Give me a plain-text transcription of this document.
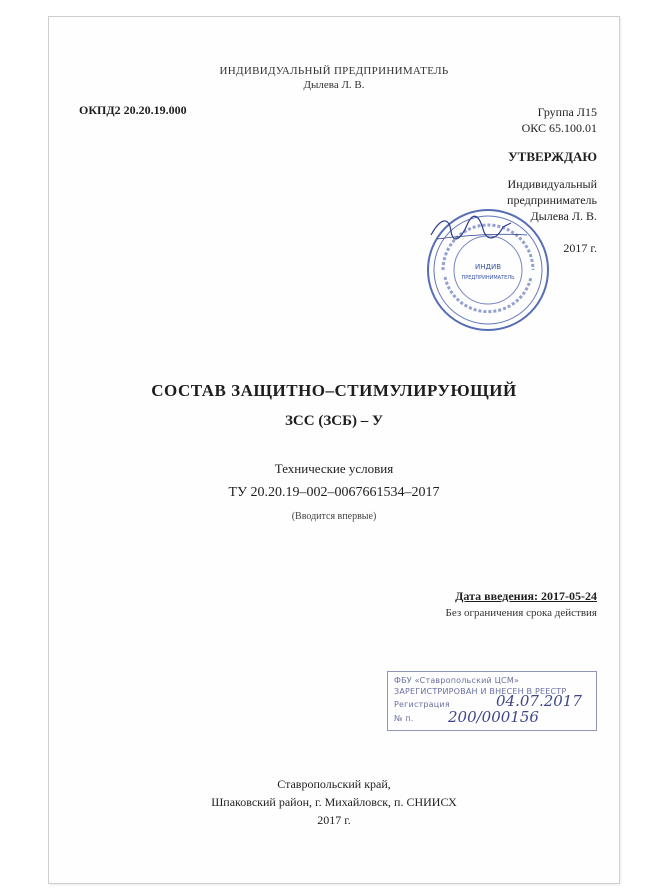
ИНДИВИДУАЛЬНЫЙ ПРЕДПРИНИМАТЕЛЬ
Дылева Л. В.
ОКПД2 20.20.19.000	Группа Л15
ОКС 65.100.01
УТВЕРЖДАЮ
Индивидуальный
предприниматель
Дылева Л. В.
2017 г.
ИНДИВ
ПРЕДПРИНИМАТЕЛЬ
СОСТАВ ЗАЩИТНО–СТИМУЛИРУЮЩИЙ
ЗСС (ЗСБ) – У
Технические условия
ТУ 20.20.19–002–0067661534–2017
(Вводится впервые)
Дата введения: 2017-05-24
Без ограничения срока действия
ФБУ «Ставропольский ЦСМ»
ЗАРЕГИСТРИРОВАН И ВНЕСЕН В РЕЕСТР
Регистрация
№ п.
04.07.2017
200/000156
Ставропольский край,
Шпаковский район, г. Михайловск, п. СНИИСХ
2017 г.
